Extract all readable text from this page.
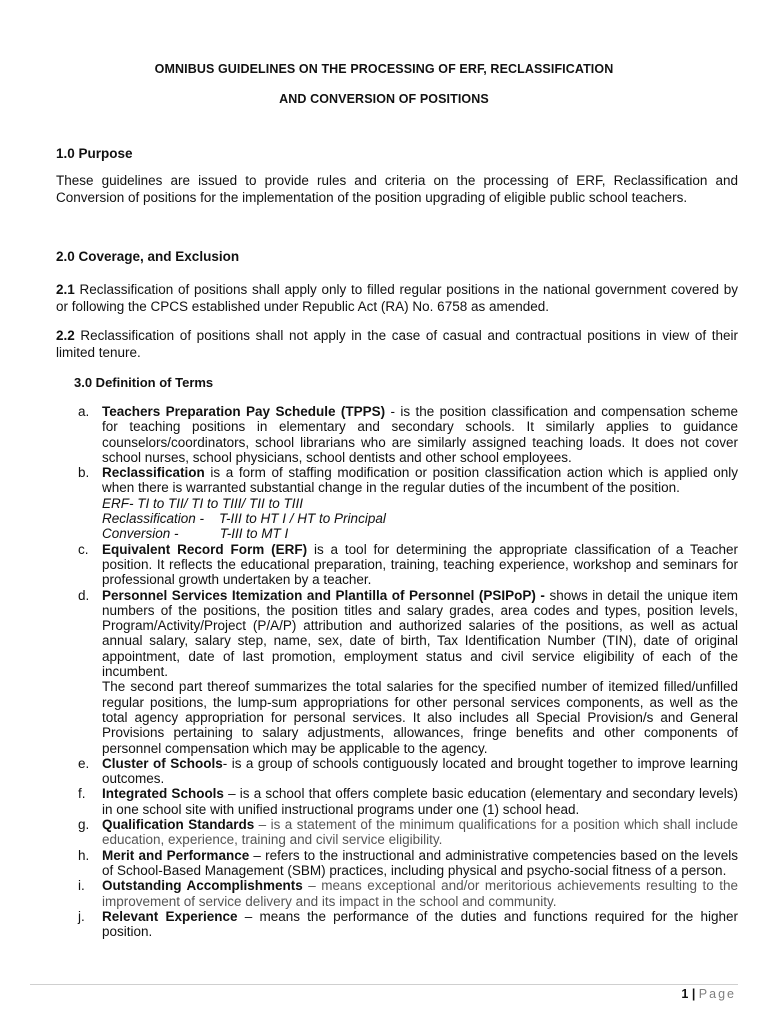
OMNIBUS GUIDELINES ON THE PROCESSING OF ERF, RECLASSIFICATION
AND CONVERSION OF POSITIONS
1.0 Purpose
These guidelines are issued to provide rules and criteria on the processing of ERF, Reclassification and Conversion of positions for the implementation of the position upgrading of eligible public school teachers.
2.0 Coverage, and Exclusion
2.1 Reclassification of positions shall apply only to filled regular positions in the national government covered by or following the CPCS established under Republic Act (RA) No. 6758 as amended.
2.2 Reclassification of positions shall not apply in the case of casual and contractual positions in view of their limited tenure.
3.0 Definition of Terms
a. Teachers Preparation Pay Schedule (TPPS) - is the position classification and compensation scheme for teaching positions in elementary and secondary schools. It similarly applies to guidance counselors/coordinators, school librarians who are similarly assigned teaching loads. It does not cover school nurses, school physicians, school dentists and other school employees.
b. Reclassification is a form of staffing modification or position classification action which is applied only when there is warranted substantial change in the regular duties of the incumbent of the position.
ERF- TI to TII/ TI to TIII/ TII to TIII
Reclassification -    T-III to HT I / HT to Principal
Conversion -           T-III to MT I
c. Equivalent Record Form (ERF) is a tool for determining the appropriate classification of a Teacher position. It reflects the educational preparation, training, teaching experience, workshop and seminars for professional growth undertaken by a teacher.
d. Personnel Services Itemization and Plantilla of Personnel (PSIPoP) - shows in detail the unique item numbers of the positions, the position titles and salary grades, area codes and types, position levels, Program/Activity/Project (P/A/P) attribution and authorized salaries of the positions, as well as actual annual salary, salary step, name, sex, date of birth, Tax Identification Number (TIN), date of original appointment, date of last promotion, employment status and civil service eligibility of each of the incumbent.
The second part thereof summarizes the total salaries for the specified number of itemized filled/unfilled regular positions, the lump-sum appropriations for other personal services components, as well as the total agency appropriation for personal services. It also includes all Special Provision/s and General Provisions pertaining to salary adjustments, allowances, fringe benefits and other components of personnel compensation which may be applicable to the agency.
e. Cluster of Schools- is a group of schools contiguously located and brought together to improve learning outcomes.
f. Integrated Schools – is a school that offers complete basic education (elementary and secondary levels) in one school site with unified instructional programs under one (1) school head.
g. Qualification Standards – is a statement of the minimum qualifications for a position which shall include education, experience, training and civil service eligibility.
h. Merit and Performance – refers to the instructional and administrative competencies based on the levels of School-Based Management (SBM) practices, including physical and psycho-social fitness of a person.
i. Outstanding Accomplishments – means exceptional and/or meritorious achievements resulting to the improvement of service delivery and its impact in the school and community.
j. Relevant Experience – means the performance of the duties and functions required for the higher position.
1 | Page
